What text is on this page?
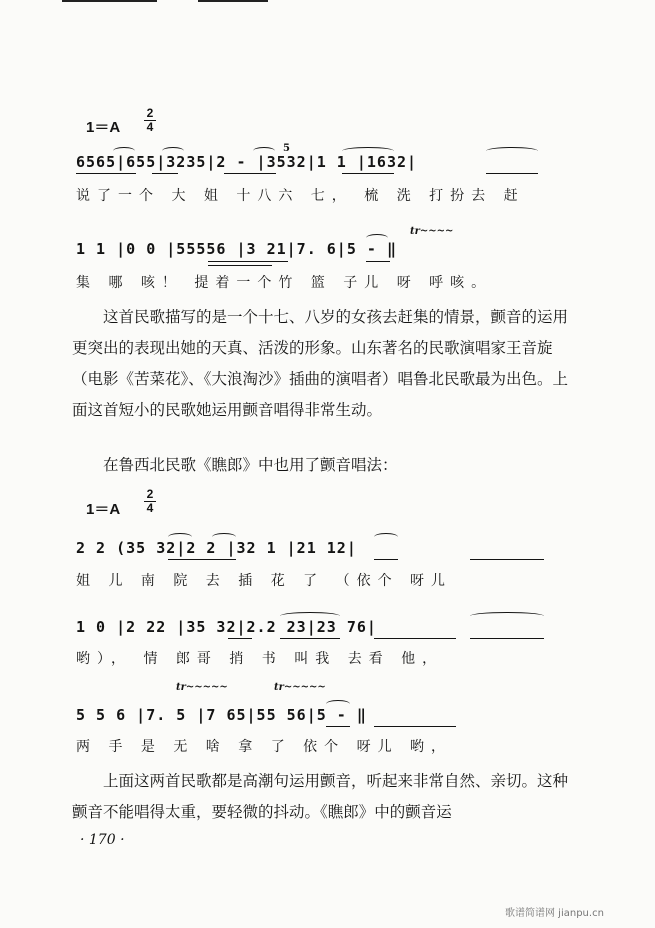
1＝A
2
4
5
6565|655|3235|2 - |3532|1 1 |1632|
说了一个 大 姐 十八六 七， 梳 洗 打扮去 赶
tr~~~~
1 1 |0 0 |55556 |3 21|7. 6|5 - ‖
集 哪 咳！ 提着一个竹 篮 子儿 呀 呼咳。

这首民歌描写的是一个十七、八岁的女孩去赶集的情景，颤音的运用更突出的表现出她的天真、活泼的形象。山东著名的民歌演唱家王音旋（电影《苦菜花》、《大浪淘沙》插曲的演唱者）唱鲁北民歌最为出色。上面这首短小的民歌她运用颤音唱得非常生动。

在鲁西北民歌《瞧郎》中也用了颤音唱法：

1＝A
2
4
2 2 (35 32|2 2 |32 1 |21 12|
姐 儿 南 院 去 插 花 了 （依个 呀儿
1 0 |2 22 |35 32|2.2 23|23 76|
哟）， 情 郎哥 捎 书 叫我 去看 他，
tr~~~~~	tr~~~~~
5 5 6 |7. 5 |7 65|55 56|5 - ‖
两 手 是 无 啥 拿 了 依个 呀儿 哟，

上面这两首民歌都是高潮句运用颤音，听起来非常自然、亲切。这种颤音不能唱得太重，要轻微的抖动。《瞧郎》中的颤音运

· 170 ·
歌谱简谱网 jianpu.cn
